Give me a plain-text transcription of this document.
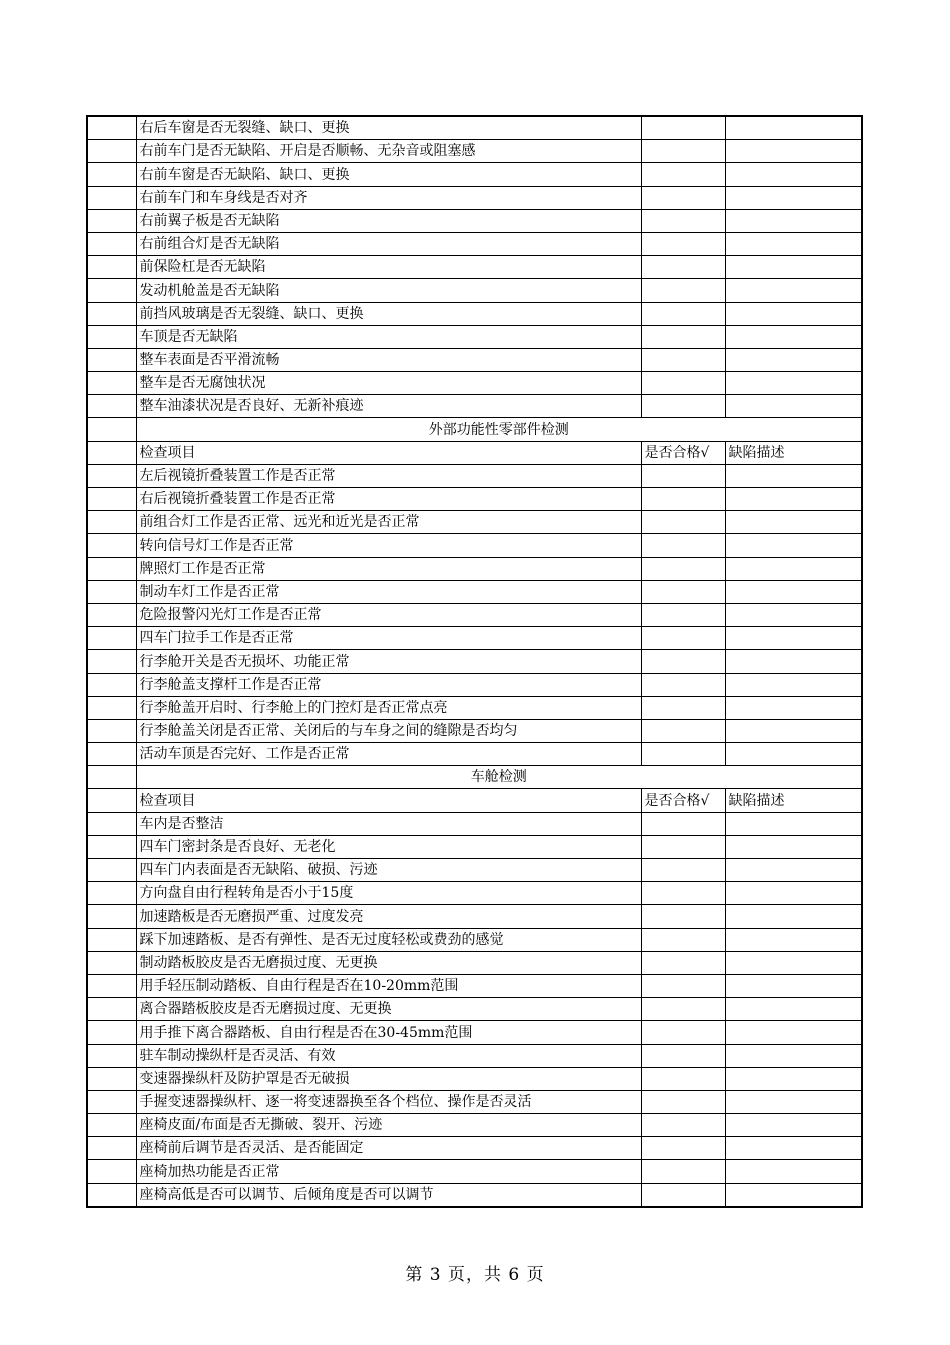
	右后车窗是否无裂缝、缺口、更换		
	右前车门是否无缺陷、开启是否顺畅、无杂音或阻塞感		
	右前车窗是否无缺陷、缺口、更换		
	右前车门和车身线是否对齐		
	右前翼子板是否无缺陷		
	右前组合灯是否无缺陷		
	前保险杠是否无缺陷		
	发动机舱盖是否无缺陷		
	前挡风玻璃是否无裂缝、缺口、更换		
	车顶是否无缺陷		
	整车表面是否平滑流畅		
	整车是否无腐蚀状况		
	整车油漆状况是否良好、无新补痕迹		
	外部功能性零部件检测		
	检查项目	是否合格√	缺陷描述
	左后视镜折叠装置工作是否正常		
	右后视镜折叠装置工作是否正常		
	前组合灯工作是否正常、远光和近光是否正常		
	转向信号灯工作是否正常		
	牌照灯工作是否正常		
	制动车灯工作是否正常		
	危险报警闪光灯工作是否正常		
	四车门拉手工作是否正常		
	行李舱开关是否无损坏、功能正常		
	行李舱盖支撑杆工作是否正常		
	行李舱盖开启时、行李舱上的门控灯是否正常点亮		
	行李舱盖关闭是否正常、关闭后的与车身之间的缝隙是否均匀		
	活动车顶是否完好、工作是否正常		
	车舱检测		
	检查项目	是否合格√	缺陷描述
	车内是否整洁		
	四车门密封条是否良好、无老化		
	四车门内表面是否无缺陷、破损、污迹		
	方向盘自由行程转角是否小于15度		
	加速踏板是否无磨损严重、过度发亮		
	踩下加速踏板、是否有弹性、是否无过度轻松或费劲的感觉		
	制动踏板胶皮是否无磨损过度、无更换		
	用手轻压制动踏板、自由行程是否在10-20mm范围		
	离合器踏板胶皮是否无磨损过度、无更换		
	用手推下离合器踏板、自由行程是否在30-45mm范围		
	驻车制动操纵杆是否灵活、有效		
	变速器操纵杆及防护罩是否无破损		
	手握变速器操纵杆、逐一将变速器换至各个档位、操作是否灵活		
	座椅皮面/布面是否无撕破、裂开、污迹		
	座椅前后调节是否灵活、是否能固定		
	座椅加热功能是否正常		
	座椅高低是否可以调节、后倾角度是否可以调节		
第 3 页，共 6 页
